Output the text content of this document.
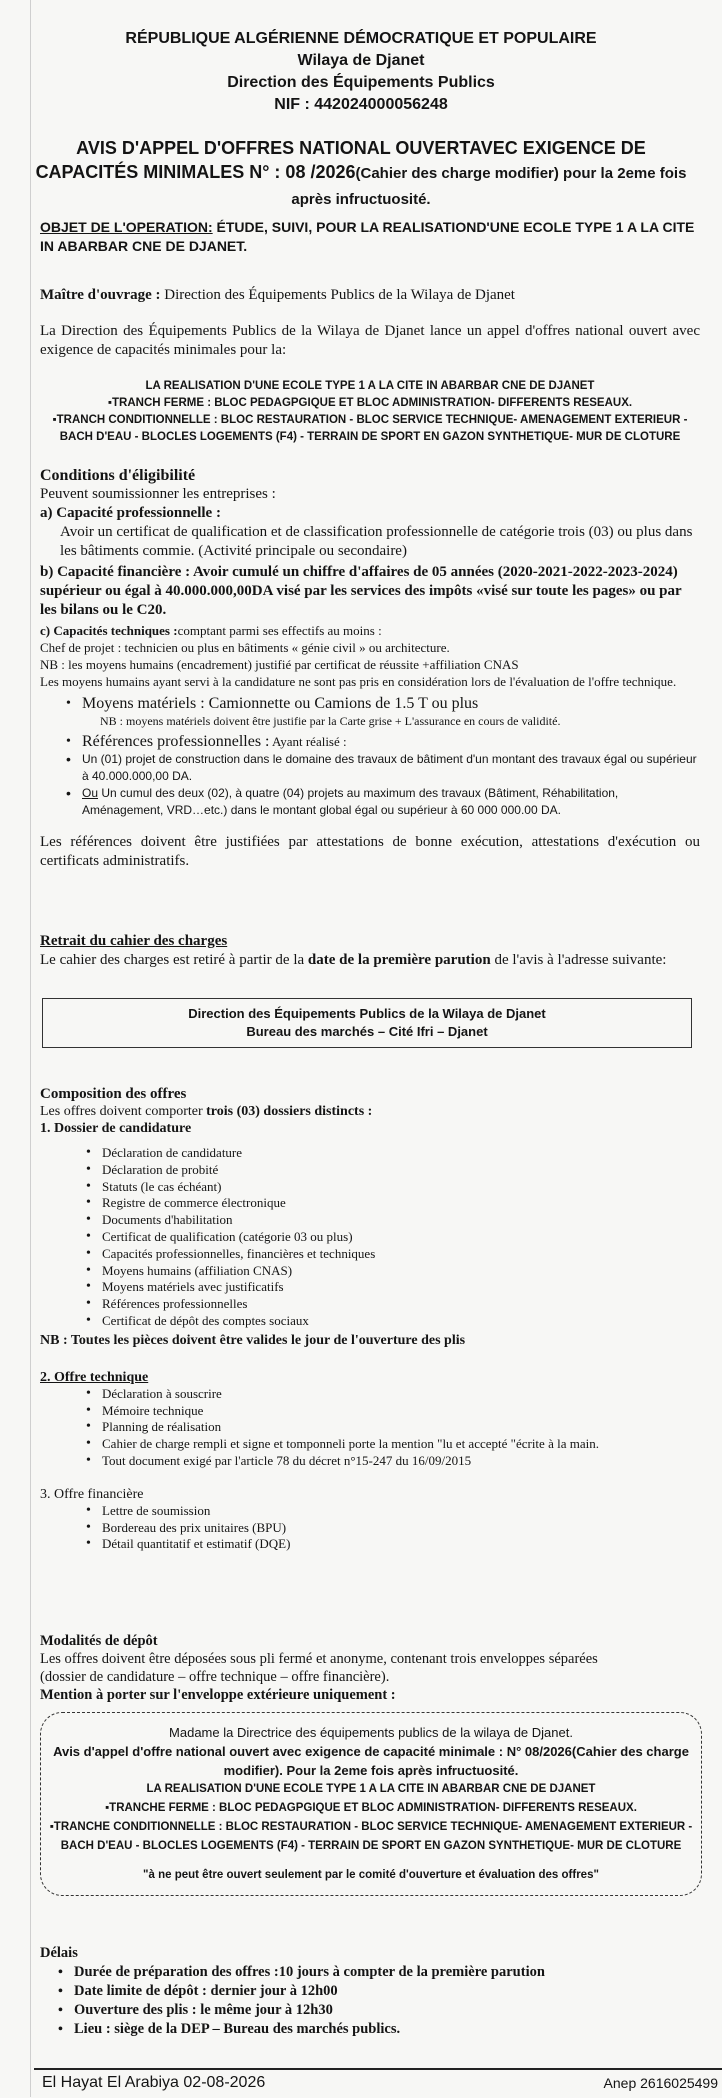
RÉPUBLIQUE ALGÉRIENNE DÉMOCRATIQUE ET POPULAIRE
Wilaya de Djanet
Direction des Équipements Publics
NIF : 442024000056248
AVIS D'APPEL D'OFFRES NATIONAL OUVERTAVEC EXIGENCE DE CAPACITÉS MINIMALES N° : 08 /2026(Cahier des charge modifier) pour la 2eme fois après infructuosité.

OBJET DE L'OPERATION: ÉTUDE, SUIVI, POUR LA REALISATIOND'UNE ECOLE TYPE 1 A LA CITE IN ABARBAR CNE DE DJANET.

Maître d'ouvrage : Direction des Équipements Publics de la Wilaya de Djanet

La Direction des Équipements Publics de la Wilaya de Djanet lance un appel d'offres national ouvert avec exigence de capacités minimales pour la:

LA REALISATION D'UNE ECOLE TYPE 1 A LA CITE IN ABARBAR CNE DE DJANET
▪TRANCH FERME : BLOC PEDAGPGIQUE ET BLOC ADMINISTRATION- DIFFERENTS RESEAUX.
▪TRANCH CONDITIONNELLE : BLOC RESTAURATION - BLOC SERVICE TECHNIQUE- AMENAGEMENT EXTERIEUR - BACH D'EAU - BLOCLES LOGEMENTS (F4) - TERRAIN DE SPORT EN GAZON SYNTHETIQUE- MUR DE CLOTURE
Conditions d'éligibilité
Peuvent soumissionner les entreprises :
a) Capacité professionnelle :
Avoir un certificat de qualification et de classification professionnelle de catégorie trois (03) ou plus dans les bâtiments commie. (Activité principale ou secondaire)
b) Capacité financière : Avoir cumulé un chiffre d'affaires de 05 années (2020-2021-2022-2023-2024) supérieur ou égal à 40.000.000,00DA visé par les services des impôts «visé sur toute les pages» ou par les bilans ou le C20.
c) Capacités techniques :comptant parmi ses effectifs au moins :
Chef de projet : technicien ou plus en bâtiments « génie civil » ou architecture.
NB : les moyens humains (encadrement) justifié par certificat de réussite +affiliation CNAS
Les moyens humains ayant servi à la candidature ne sont pas pris en considération lors de l'évaluation de l'offre technique.
• Moyens matériels : Camionnette ou Camions de 1.5 T ou plus
NB : moyens matériels doivent être justifie par la Carte grise + L'assurance en cours de validité.
• Références professionnelles : Ayant réalisé :
• Un (01) projet de construction dans le domaine des travaux de bâtiment d'un montant des travaux égal ou supérieur à 40.000.000,00 DA.
• Ou Un cumul des deux (02), à quatre (04) projets au maximum des travaux (Bâtiment, Réhabilitation, Aménagement, VRD…etc.) dans le montant global égal ou supérieur à 60 000 000.00 DA.
Les références doivent être justifiées par attestations de bonne exécution, attestations d'exécution ou certificats administratifs.
Retrait du cahier des charges
Le cahier des charges est retiré à partir de la date de la première parution de l'avis à l'adresse suivante:
Direction des Équipements Publics de la Wilaya de Djanet
Bureau des marchés – Cité Ifri – Djanet
Composition des offres
Les offres doivent comporter trois (03) dossiers distincts :
1. Dossier de candidature
• Déclaration de candidature
• Déclaration de probité
• Statuts (le cas échéant)
• Registre de commerce électronique
• Documents d'habilitation
• Certificat de qualification (catégorie 03 ou plus)
• Capacités professionnelles, financières et techniques
• Moyens humains (affiliation CNAS)
• Moyens matériels avec justificatifs
• Références professionnelles
• Certificat de dépôt des comptes sociaux
NB : Toutes les pièces doivent être valides le jour de l'ouverture des plis
2. Offre technique
• Déclaration à souscrire
• Mémoire technique
• Planning de réalisation
• Cahier de charge rempli et signe et tomponneli porte la mention "lu et accepté "écrite à la main.
• Tout document exigé par l'article 78 du décret n°15-247 du 16/09/2015
3. Offre financière
• Lettre de soumission
• Bordereau des prix unitaires (BPU)
• Détail quantitatif et estimatif (DQE)
Modalités de dépôt
Les offres doivent être déposées sous pli fermé et anonyme, contenant trois enveloppes séparées
(dossier de candidature – offre technique – offre financière).
Mention à porter sur l'enveloppe extérieure uniquement :
Madame la Directrice des équipements publics de la wilaya de Djanet.
Avis d'appel d'offre national ouvert avec exigence de capacité minimale : N° 08/2026(Cahier des charge modifier). Pour la 2eme fois après infructuosité.
LA REALISATION D'UNE ECOLE TYPE 1 A LA CITE IN ABARBAR CNE DE DJANET
▪TRANCHE FERME : BLOC PEDAGPGIQUE ET BLOC ADMINISTRATION- DIFFERENTS RESEAUX.
▪TRANCHE CONDITIONNELLE : BLOC RESTAURATION - BLOC SERVICE TECHNIQUE- AMENAGEMENT EXTERIEUR - BACH D'EAU - BLOCLES LOGEMENTS (F4) - TERRAIN DE SPORT EN GAZON SYNTHETIQUE- MUR DE CLOTURE
"à ne peut être ouvert seulement par le comité d'ouverture et évaluation des offres"
Délais
• Durée de préparation des offres :10 jours à compter de la première parution
• Date limite de dépôt : dernier jour à 12h00
• Ouverture des plis : le même jour à 12h30
• Lieu : siège de la DEP – Bureau des marchés publics.
El Hayat El Arabiya 02-08-2026	Anep 2616025499
